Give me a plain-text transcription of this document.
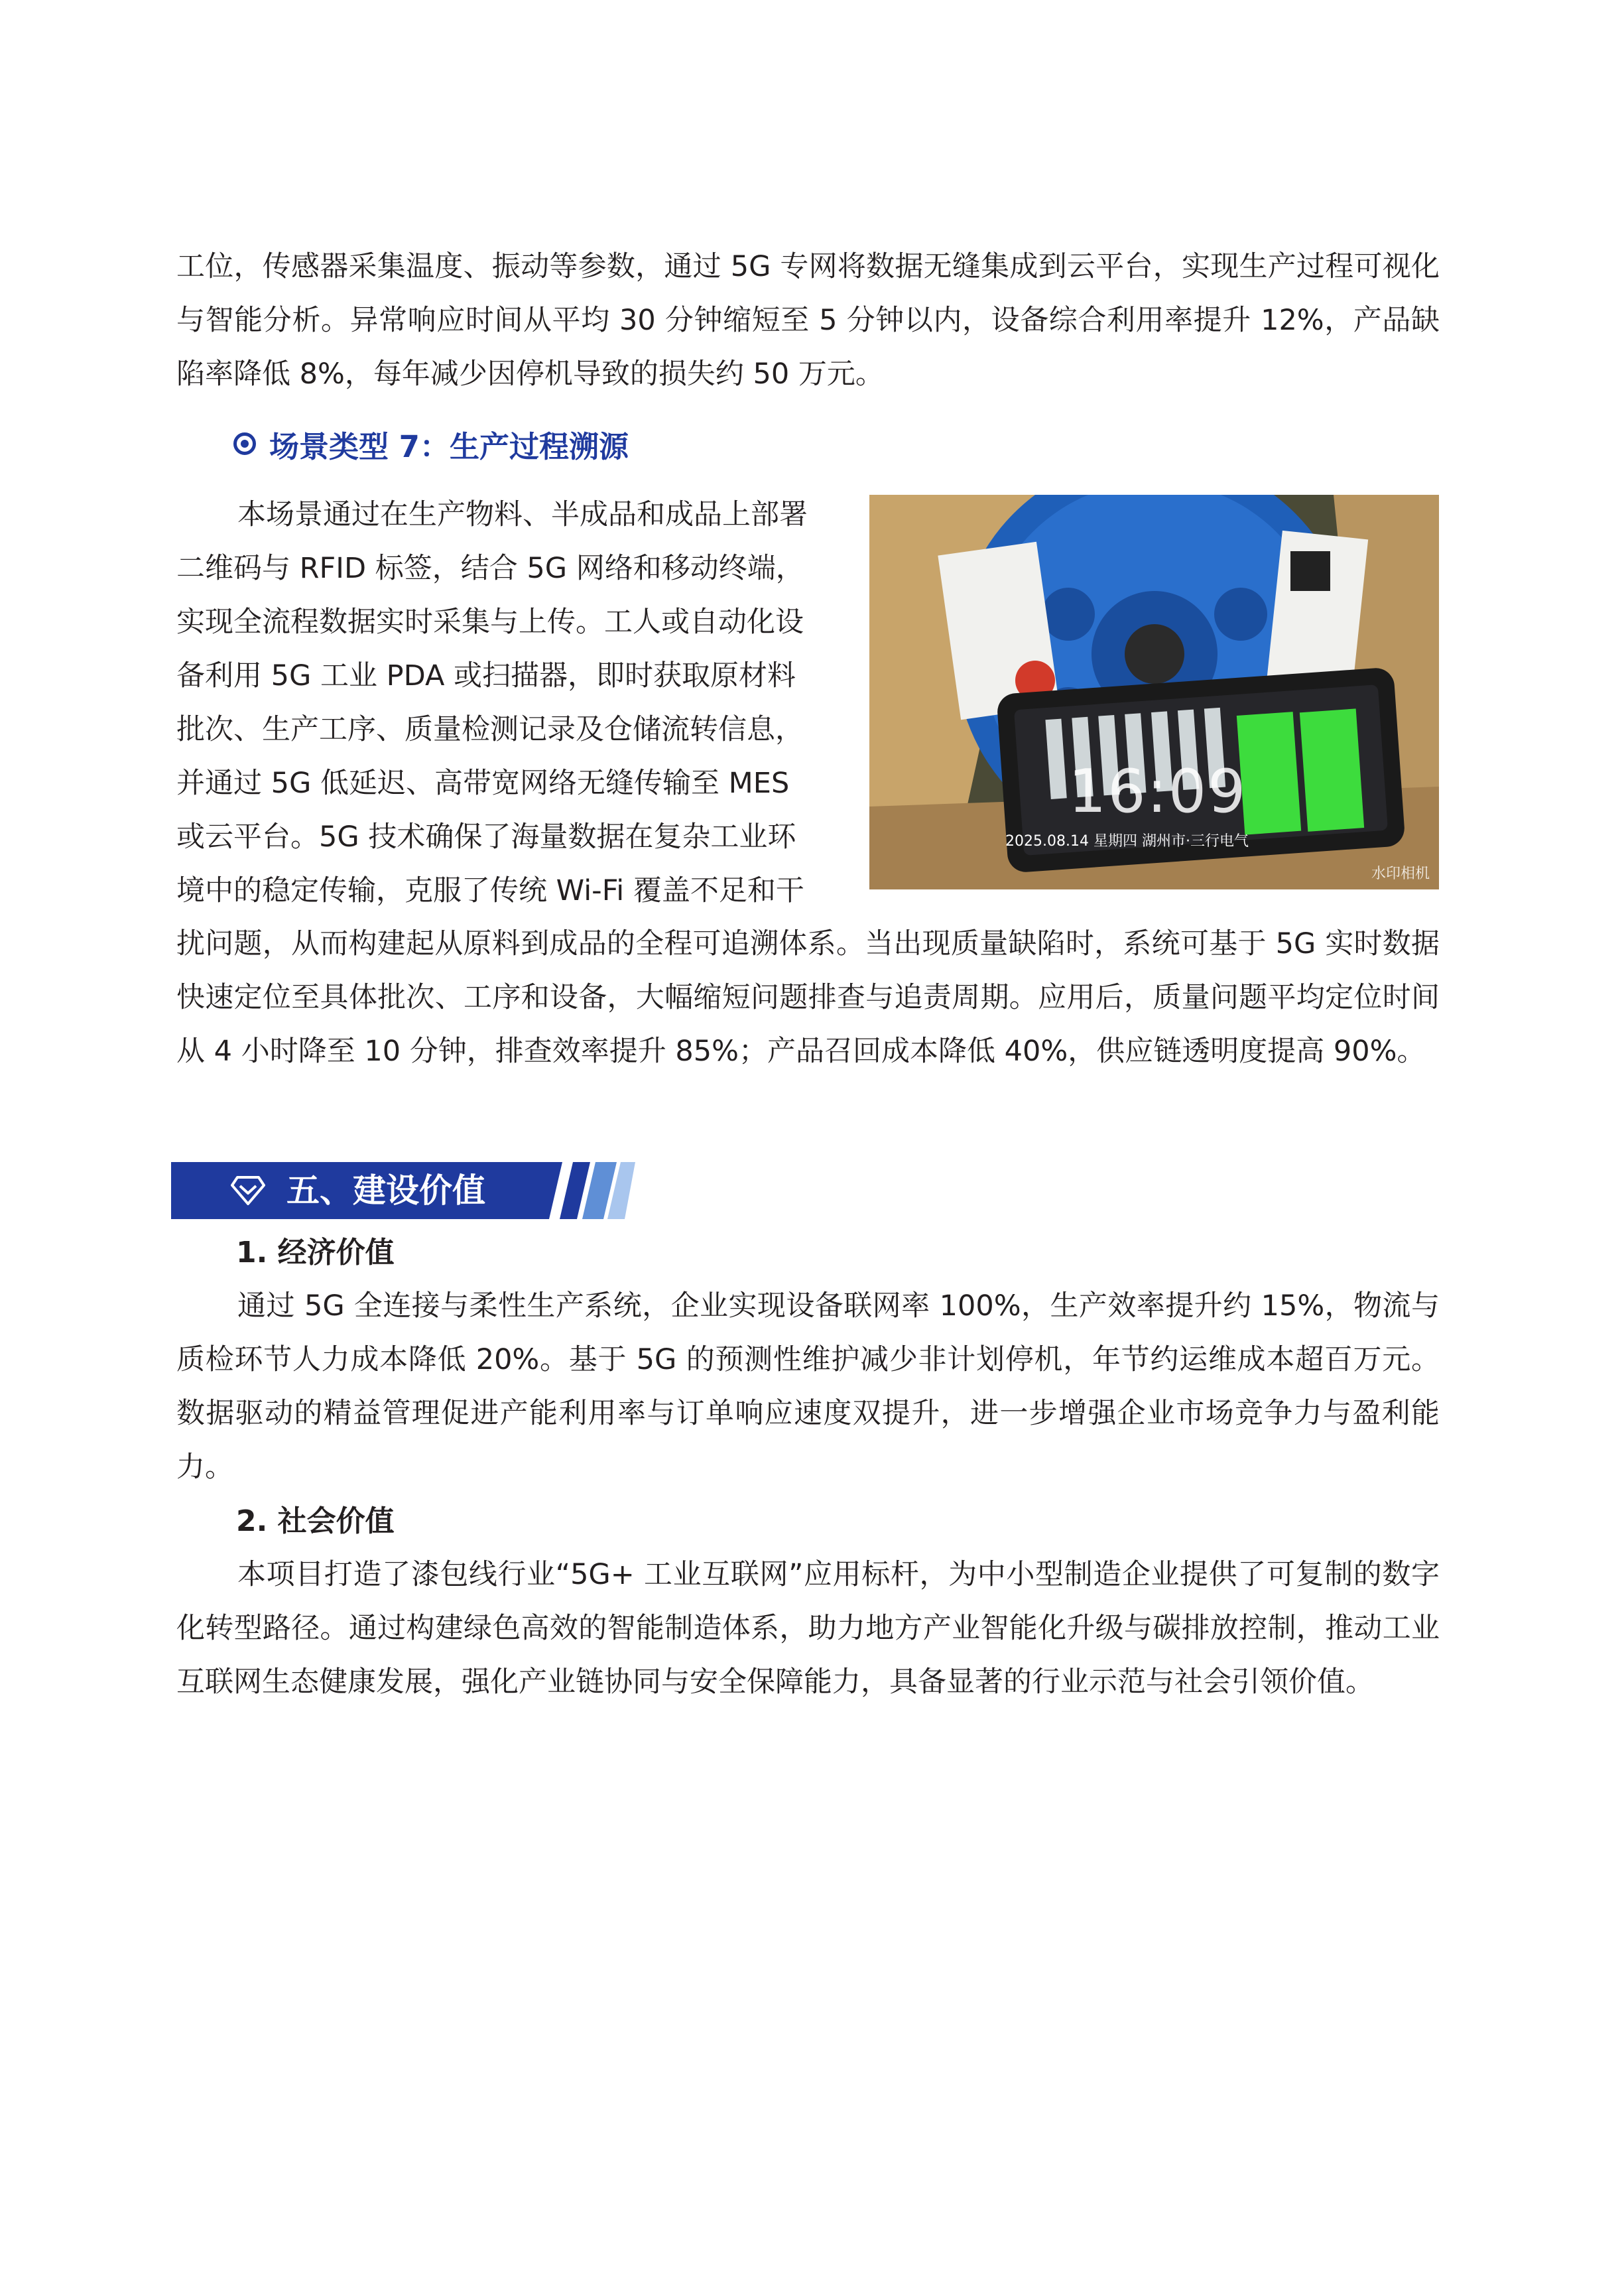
工位，传感器采集温度、振动等参数，通过 5G 专网将数据无缝集成到云平台，实现生产过程可视化与智能分析。异常响应时间从平均 30 分钟缩短至 5 分钟以内，设备综合利用率提升 12%，产品缺陷率降低 8%，每年减少因停机导致的损失约 50 万元。

场景类型 7：生产过程溯源
本场景通过在生产物料、半成品和成品上部署
二维码与 RFID 标签，结合 5G 网络和移动终端，
实现全流程数据实时采集与上传。工人或自动化设
备利用 5G 工业 PDA 或扫描器，即时获取原材料
批次、生产工序、质量检测记录及仓储流转信息，
并通过 5G 低延迟、高带宽网络无缝传输至 MES
或云平台。5G 技术确保了海量数据在复杂工业环
境中的稳定传输，克服了传统 Wi-Fi 覆盖不足和干
16:09
2025.08.14 星期四 湖州市·三行电气
水印相机

扰问题，从而构建起从原料到成品的全程可追溯体系。当出现质量缺陷时，系统可基于 5G 实时数据快速定位至具体批次、工序和设备，大幅缩短问题排查与追责周期。应用后，质量问题平均定位时间从 4 小时降至 10 分钟，排查效率提升 85%；产品召回成本降低 40%，供应链透明度提高 90%。

五、建设价值
1. 经济价值

通过 5G 全连接与柔性生产系统，企业实现设备联网率 100%，生产效率提升约 15%，物流与质检环节人力成本降低 20%。基于 5G 的预测性维护减少非计划停机，年节约运维成本超百万元。数据驱动的精益管理促进产能利用率与订单响应速度双提升，进一步增强企业市场竞争力与盈利能力。

2. 社会价值

本项目打造了漆包线行业“5G+ 工业互联网”应用标杆，为中小型制造企业提供了可复制的数字化转型路径。通过构建绿色高效的智能制造体系，助力地方产业智能化升级与碳排放控制，推动工业互联网生态健康发展，强化产业链协同与安全保障能力，具备显著的行业示范与社会引领价值。
